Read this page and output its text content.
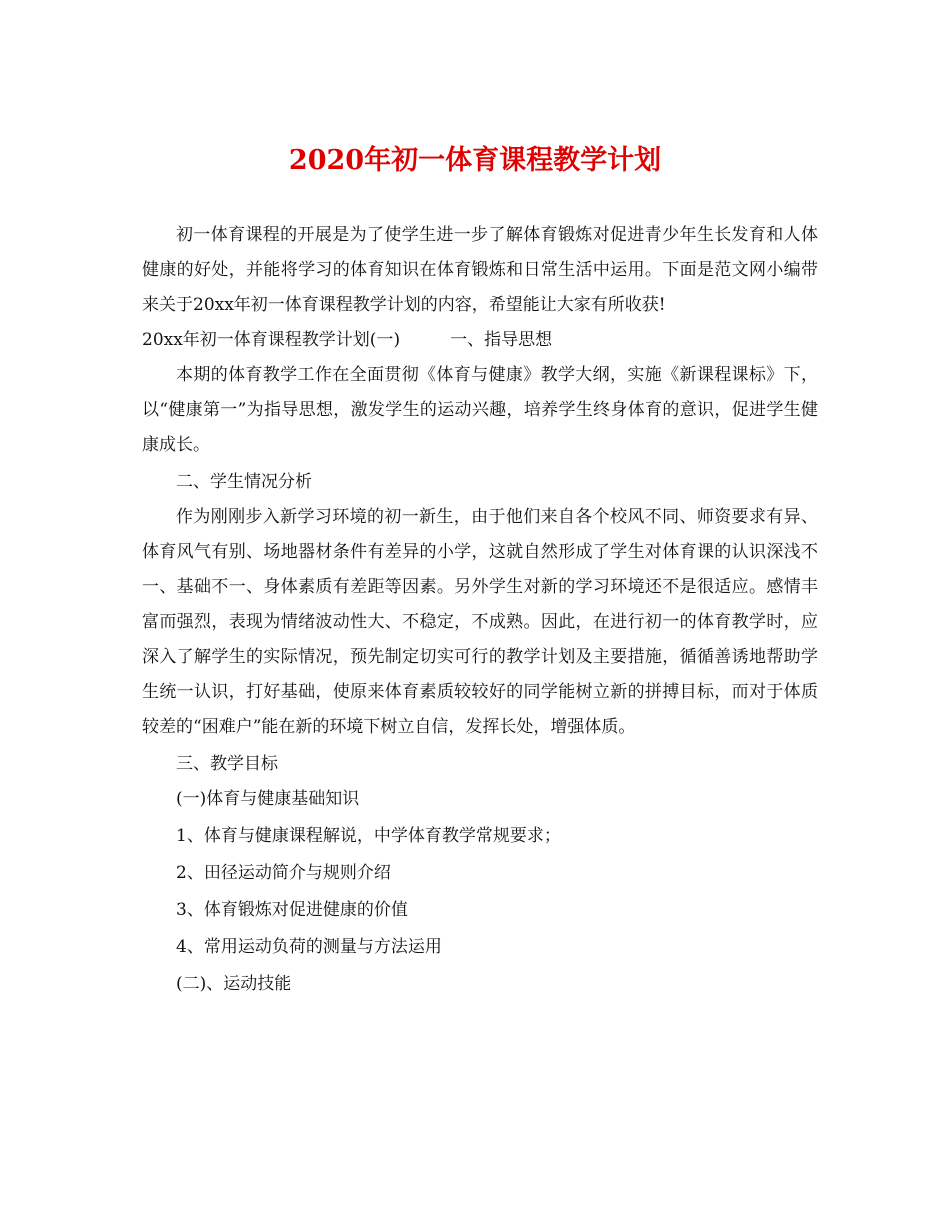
2020年初一体育课程教学计划

初一体育课程的开展是为了使学生进一步了解体育锻炼对促进青少年生长发育和人体健康的好处，并能将学习的体育知识在体育锻炼和日常生活中运用。下面是范文网小编带来关于20xx年初一体育课程教学计划的内容，希望能让大家有所收获!

20xx年初一体育课程教学计划(一)	一、指导思想

本期的体育教学工作在全面贯彻《体育与健康》教学大纲，实施《新课程课标》下，以“健康第一”为指导思想，激发学生的运动兴趣，培养学生终身体育的意识，促进学生健康成长。

二、学生情况分析

作为刚刚步入新学习环境的初一新生，由于他们来自各个校风不同、师资要求有异、体育风气有别、场地器材条件有差异的小学，这就自然形成了学生对体育课的认识深浅不一、基础不一、身体素质有差距等因素。另外学生对新的学习环境还不是很适应。感情丰富而强烈，表现为情绪波动性大、不稳定，不成熟。因此，在进行初一的体育教学时，应深入了解学生的实际情况，预先制定切实可行的教学计划及主要措施，循循善诱地帮助学生统一认识，打好基础，使原来体育素质较较好的同学能树立新的拼搏目标，而对于体质较差的“困难户”能在新的环境下树立自信，发挥长处，增强体质。

三、教学目标

(一)体育与健康基础知识

1、体育与健康课程解说，中学体育教学常规要求；

2、田径运动简介与规则介绍

3、体育锻炼对促进健康的价值

4、常用运动负荷的测量与方法运用

(二)、运动技能
